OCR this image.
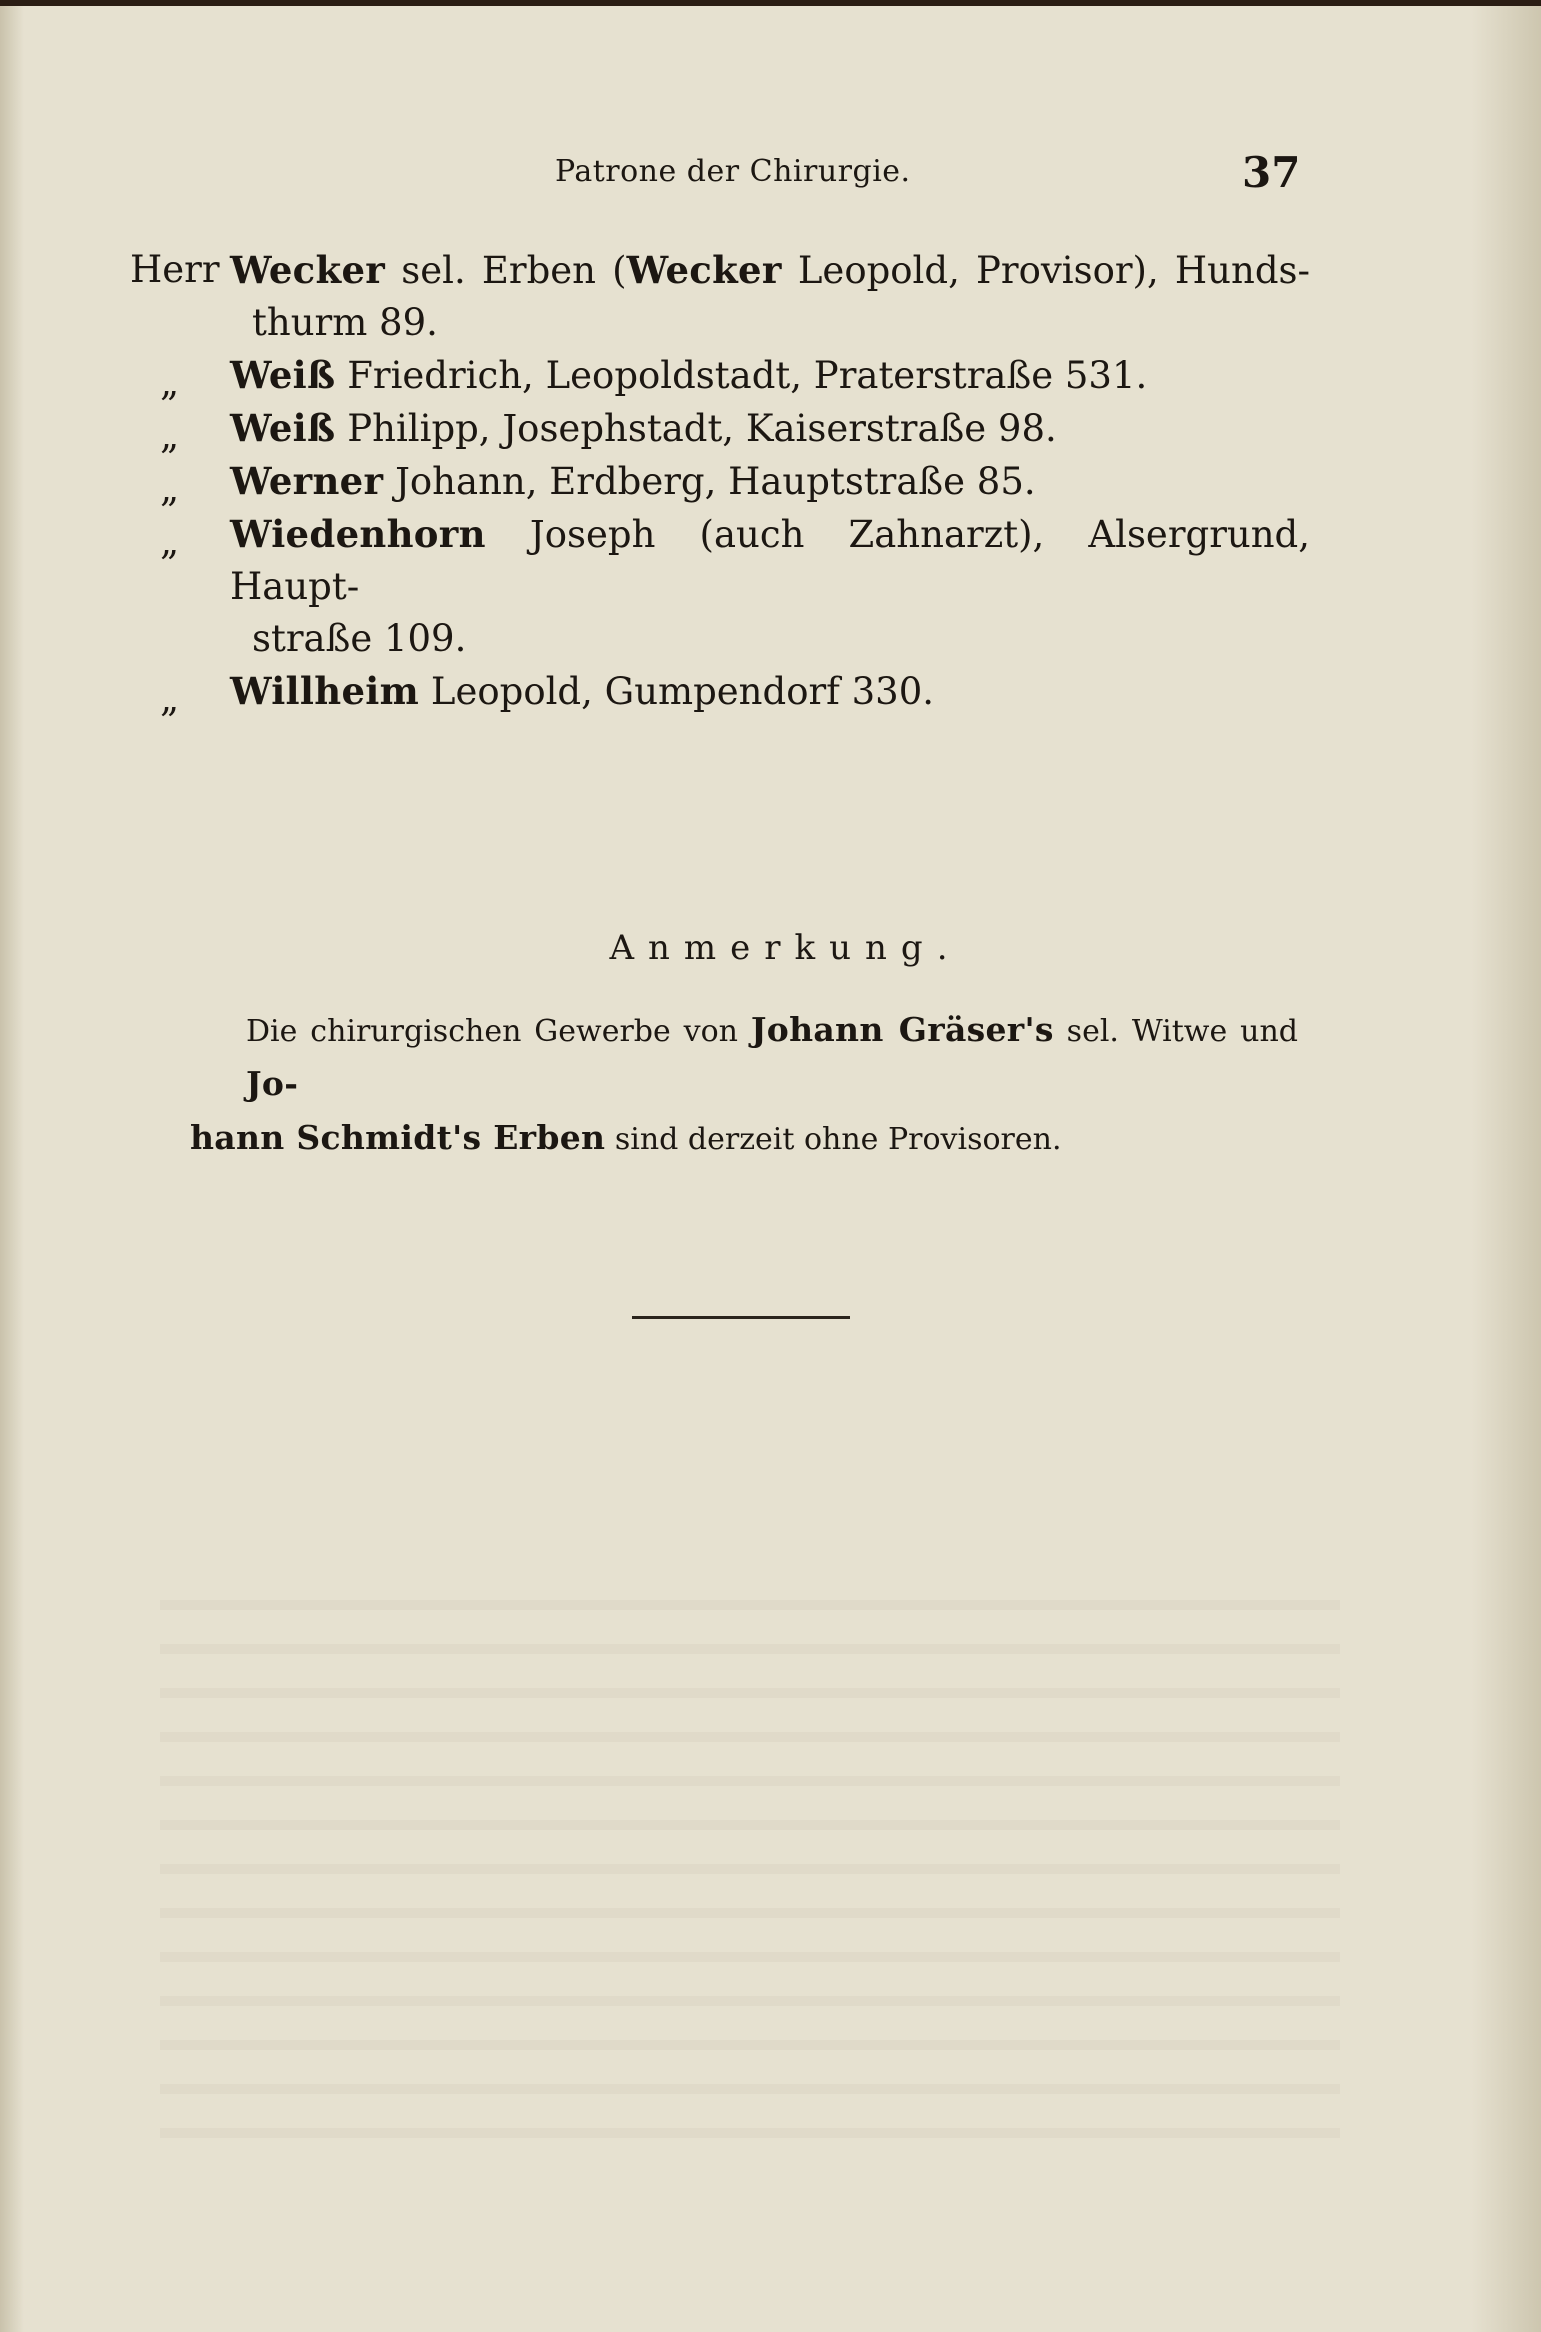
Patrone der Chirurgie.	37
Herr Wecker sel. Erben (Wecker Leopold, Provisor), Hunds-
thurm 89.
„ Weiß Friedrich, Leopoldstadt, Praterstraße 531.
„ Weiß Philipp, Josephstadt, Kaiserstraße 98.
„ Werner Johann, Erdberg, Hauptstraße 85.
„ Wiedenhorn Joseph (auch Zahnarzt), Alsergrund, Haupt-
straße 109.
„ Willheim Leopold, Gumpendorf 330.
Anmerkung.
Die chirurgischen Gewerbe von Johann Gräser's sel. Witwe und Jo-
hann Schmidt's Erben sind derzeit ohne Provisoren.
